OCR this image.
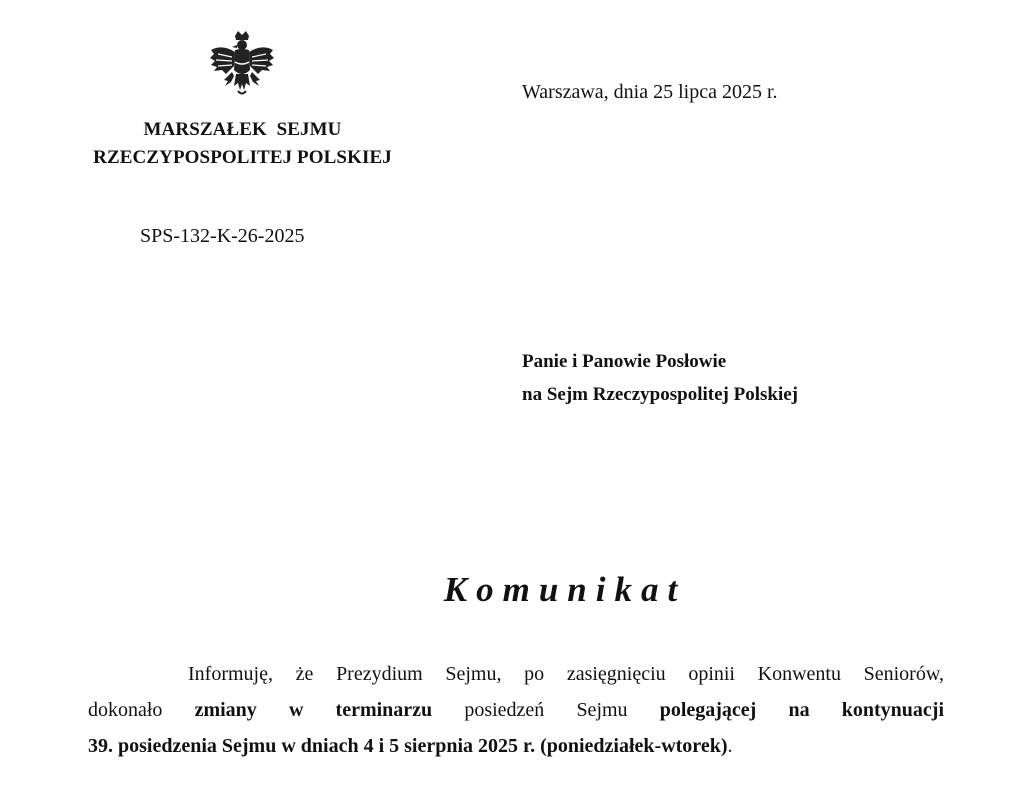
MARSZAŁEK  SEJMU
RZECZYPOSPOLITEJ POLSKIEJ
Warszawa, dnia 25 lipca 2025 r.
SPS-132-K-26-2025
Panie i Panowie Posłowie
na Sejm Rzeczypospolitej Polskiej
Komunikat
Informuję, że Prezydium Sejmu, po zasięgnięciu opinii Konwentu Seniorów,
dokonało zmiany w terminarzu posiedzeń Sejmu polegającej na kontynuacji
39. posiedzenia Sejmu w dniach 4 i 5 sierpnia 2025 r. (poniedziałek-wtorek) .
